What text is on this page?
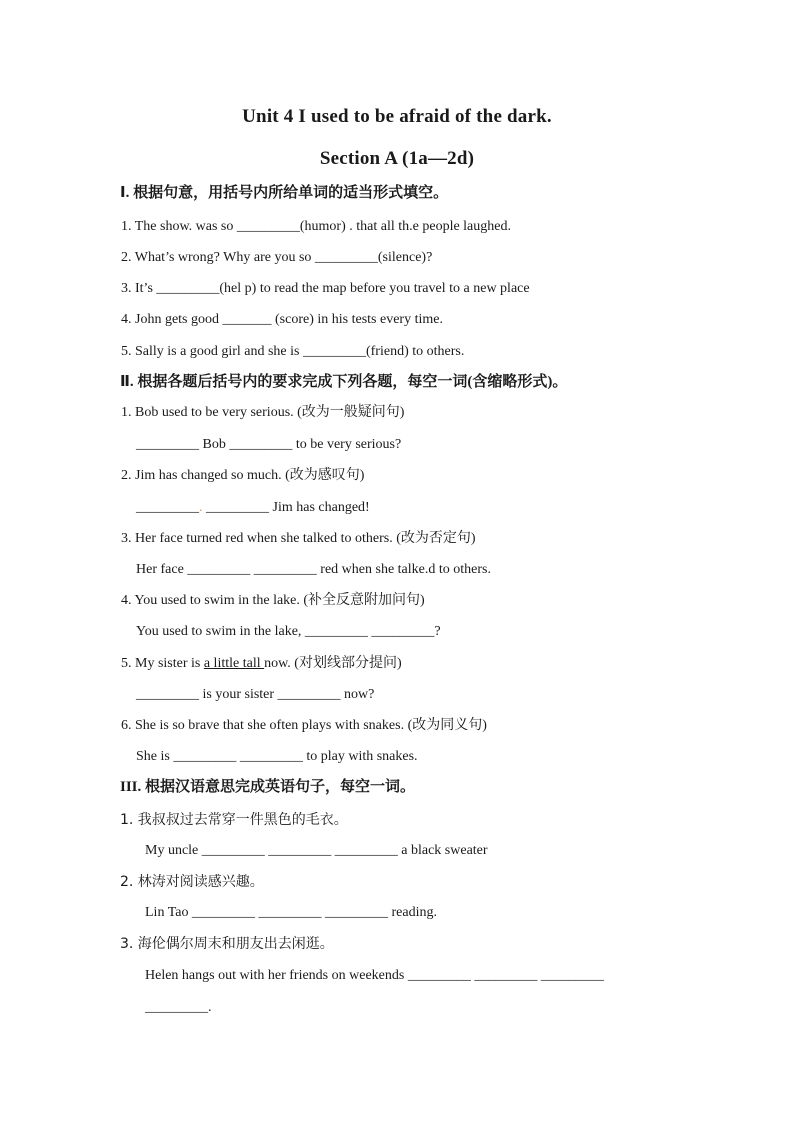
Unit 4 I used to be afraid of the dark.
Section A (1a—2d)
Ⅰ. 根据句意，用括号内所给单词的适当形式填空。
1. The show. was so _________(humor) . that all th.e people laughed.
2. What’s wrong? Why are you so _________(silence)?
3. It’s _________(hel p) to read the map before you travel to a new place
4. John gets good _______ (score) in his tests every time.
5. Sally is a good girl and she is _________(friend) to others.
Ⅱ. 根据各题后括号内的要求完成下列各题，每空一词(含缩略形式)。
1. Bob used to be very serious. (改为一般疑问句)
_________ Bob _________ to be very serious?
2. Jim has changed so much. (改为感叹句)
_________. _________ Jim has changed!
3. Her face turned red when she talked to others. (改为否定句)
Her face _________ _________ red when she talke.d to others.
4. You used to swim in the lake. (补全反意附加问句)
You used to swim in the lake, _________ _________?
5. My sister is a little tall now. (对划线部分提问)
_________ is your sister _________ now?
6. She is so brave that she often plays with snakes. (改为同义句)
She is _________ _________ to play with snakes.
III. 根据汉语意思完成英语句子，每空一词。
1. 我叔叔过去常穿一件黑色的毛衣。
My uncle _________ _________ _________ a black sweater
2. 林涛对阅读感兴趣。
Lin Tao _________ _________ _________ reading.
3. 海伦偶尔周末和朋友出去闲逛。
Helen hangs out with her friends on weekends _________ _________ _________
_________.
